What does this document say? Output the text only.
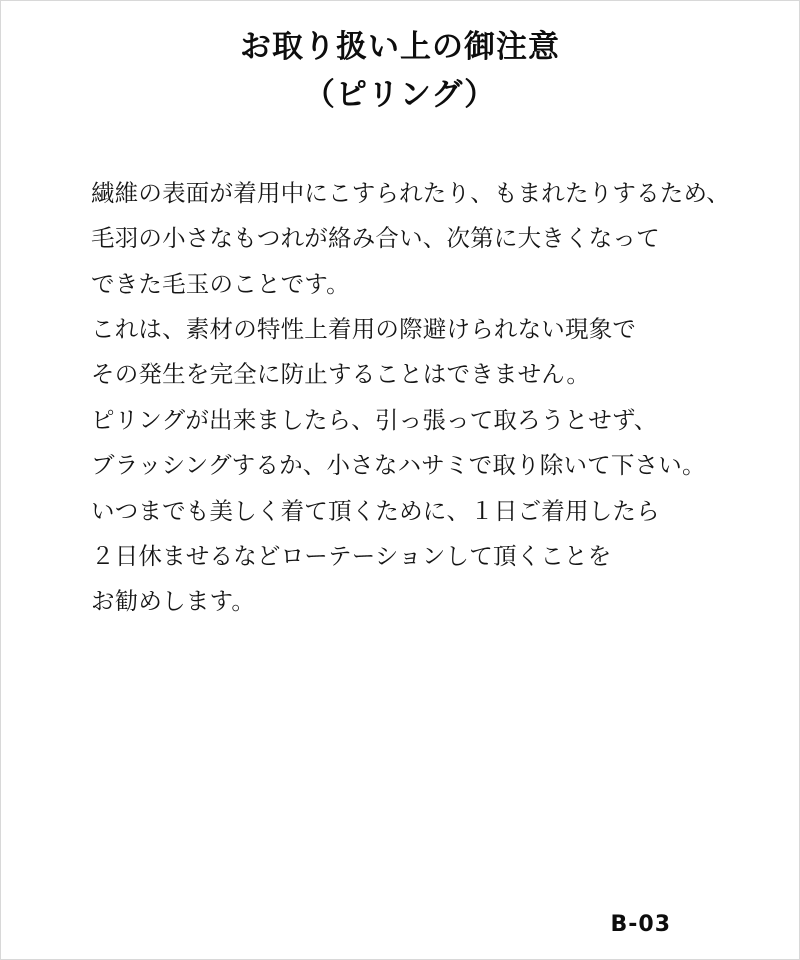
お取り扱い上の御注意
（ピリング）
繊維の表面が着用中にこすられたり、もまれたりするため、
毛羽の小さなもつれが絡み合い、次第に大きくなって
できた毛玉のことです。
これは、素材の特性上着用の際避けられない現象で
その発生を完全に防止することはできません。
ピリングが出来ましたら、引っ張って取ろうとせず、
ブラッシングするか、小さなハサミで取り除いて下さい。
いつまでも美しく着て頂くために、１日ご着用したら
２日休ませるなどローテーションして頂くことを
お勧めします。
B-03
